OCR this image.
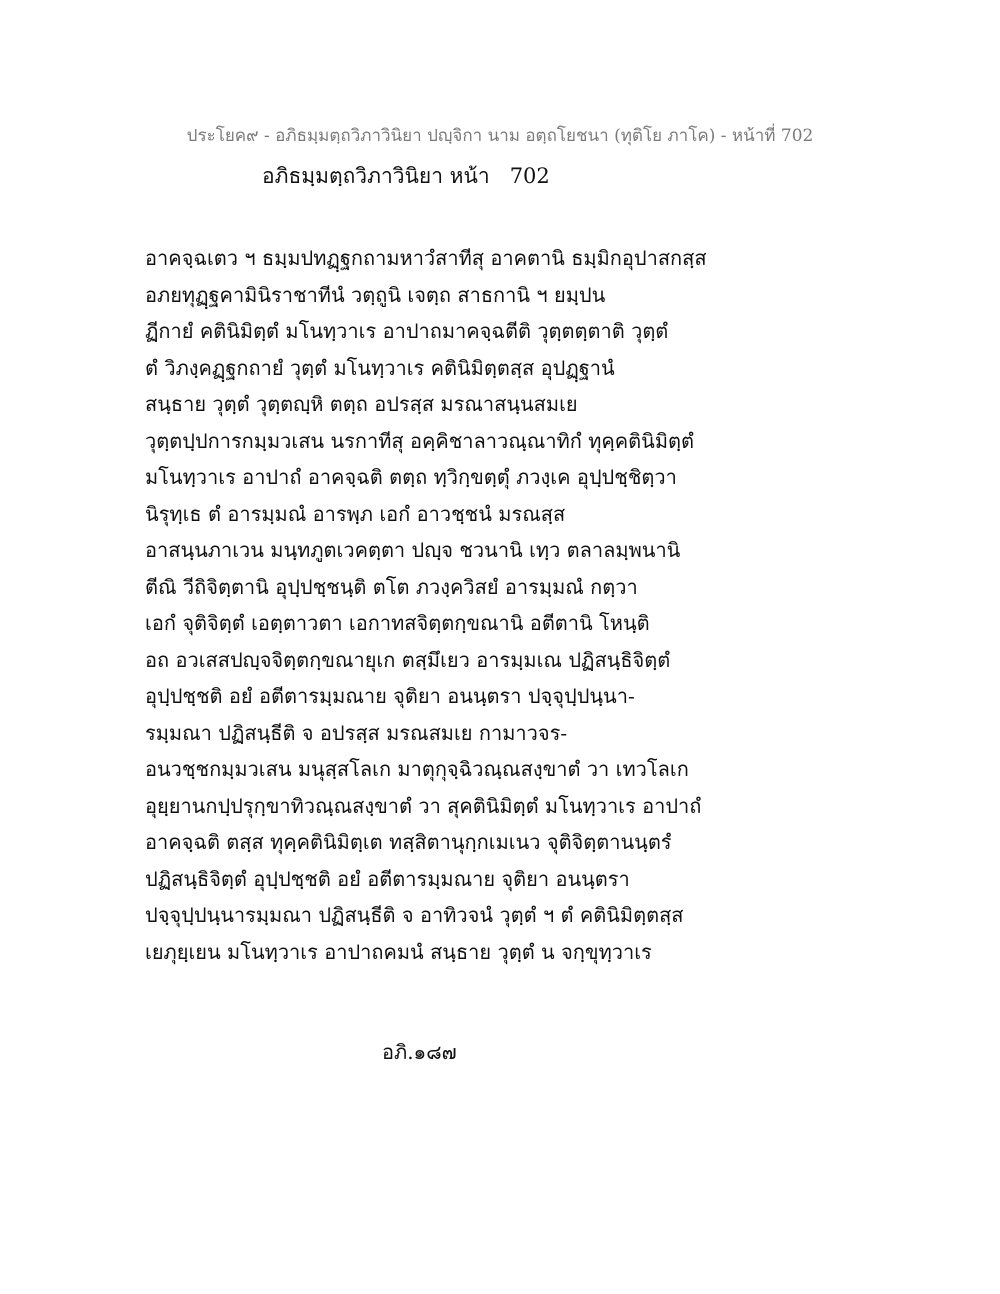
ประโยค๙ - อภิธมฺมตฺถวิภาวินิยา ปญฺจิกา นาม อตฺถโยชนา (ทุติโย ภาโค) - หน้าที่ 702
อภิธมฺมตฺถวิภาวินิยา หน้า 702
อาคจฺฉเตว ฯ ธมฺมปทฏฺฐกถามหาวํสาทีสุ อาคตานิ ธมฺมิกอุปาสกสฺส
อภยทุฏฺฐคามินิราชาทีนํ วตฺถูนิ เจตฺถ สาธกานิ ฯ ยมฺปน
ฏีกายํ คตินิมิตฺตํ มโนทฺวาเร อาปาถมาคจฺฉตีติ วุตฺตตฺตาติ วุตฺตํ
ตํ วิภงฺคฏฺฐกถายํ วุตฺตํ มโนทฺวาเร คตินิมิตฺตสฺส อุปฏฺฐานํ
สนฺธาย วุตฺตํ วุตฺตญฺหิ ตตฺถ อปรสฺส มรณาสนฺนสมเย
วุตฺตปฺปการกมฺมวเสน นรกาทีสุ อคฺคิชาลาวณฺณาทิกํ ทุคฺคตินิมิตฺตํ
มโนทฺวาเร อาปาถํ อาคจฺฉติ ตตฺถ ทฺวิกฺขตฺตุํ ภวงฺเค อุปฺปชฺชิตฺวา
นิรุทฺเธ ตํ อารมฺมณํ อารพฺภ เอกํ อาวชฺชนํ มรณสฺส
อาสนฺนภาเวน มนฺทภูตเวคตฺตา ปญฺจ ชวนานิ เทฺว ตลาลมฺพนานิ
ตีณิ วีถิจิตฺตานิ อุปฺปชฺชนฺติ ตโต ภวงฺควิสยํ อารมฺมณํ กตฺวา
เอกํ จุติจิตฺตํ เอตฺตาวตา เอกาทสจิตฺตกฺขณานิ อตีตานิ โหนฺติ
อถ อวเสสปญฺจจิตฺตกฺขณายุเก ตสฺมึเยว อารมฺมเณ ปฏิสนฺธิจิตฺตํ
อุปฺปชฺชติ อยํ อตีตารมฺมณาย จุติยา อนนฺตรา ปจฺจุปฺปนฺนา-
รมฺมณา ปฏิสนฺธีติ จ อปรสฺส มรณสมเย กามาวจร-
อนวชฺชกมฺมวเสน มนุสฺสโลเก มาตุกุจฺฉิวณฺณสงฺขาตํ วา เทวโลเก
อุยฺยานกปฺปรุกฺขาทิวณฺณสงฺขาตํ วา สุคตินิมิตฺตํ มโนทฺวาเร อาปาถํ
อาคจฺฉติ ตสฺส ทุคฺคตินิมิตฺเต ทสฺสิตานุกฺกเมเนว จุติจิตฺตานนฺตรํ
ปฏิสนฺธิจิตฺตํ อุปฺปชฺชติ อยํ อตีตารมฺมณาย จุติยา อนนฺตรา
ปจฺจุปฺปนฺนารมฺมณา ปฏิสนฺธีติ จ อาทิวจนํ วุตฺตํ ฯ ตํ คตินิมิตฺตสฺส
เยภุยฺเยน มโนทฺวาเร อาปาถคมนํ สนฺธาย วุตฺตํ น จกฺขุทฺวาเร
อภิ.๑๘๗
